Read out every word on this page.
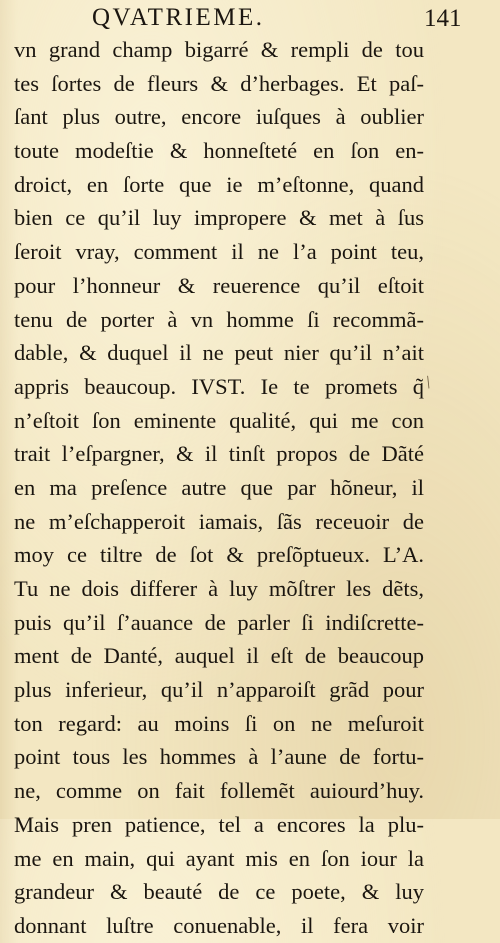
QVATRIEME.	141
vn grand champ bigarré & rempli de tou
tes ſortes de fleurs & d’herbages. Et paſ-
ſant plus outre, encore iuſques à oublier
toute modeſtie & honneſteté en ſon en-
droict, en ſorte que ie m’eſtonne, quand
bien ce qu’il luy impropere & met à ſus
ſeroit vray, comment il ne l’a point teu,
pour l’honneur & reuerence qu’il eſtoit
tenu de porter à vn homme ſi recommã-
dable, & duquel il ne peut nier qu’il n’ait
appris beaucoup. IVST. Ie te promets q̃
n’eſtoit ſon eminente qualité, qui me con
trait l’eſpargner, & il tinſt propos de Dãté
en ma preſence autre que par hõneur, il
ne m’eſchapperoit iamais, ſãs receuoir de
moy ce tiltre de ſot & preſõptueux. L’A.
Tu ne dois differer à luy mõſtrer les dẽts,
puis qu’il ſ’auance de parler ſi indiſcrette-
ment de Danté, auquel il eſt de beaucoup
plus inferieur, qu’il n’apparoiſt grãd pour
ton regard: au moins ſi on ne meſuroit
point tous les hommes à l’aune de fortu-
ne, comme on fait follemẽt auiourd’huy.
Mais pren patience, tel a encores la plu-
me en main, qui ayant mis en ſon iour la
grandeur & beauté de ce poete, & luy
donnant luſtre conuenable, il fera voir
/
